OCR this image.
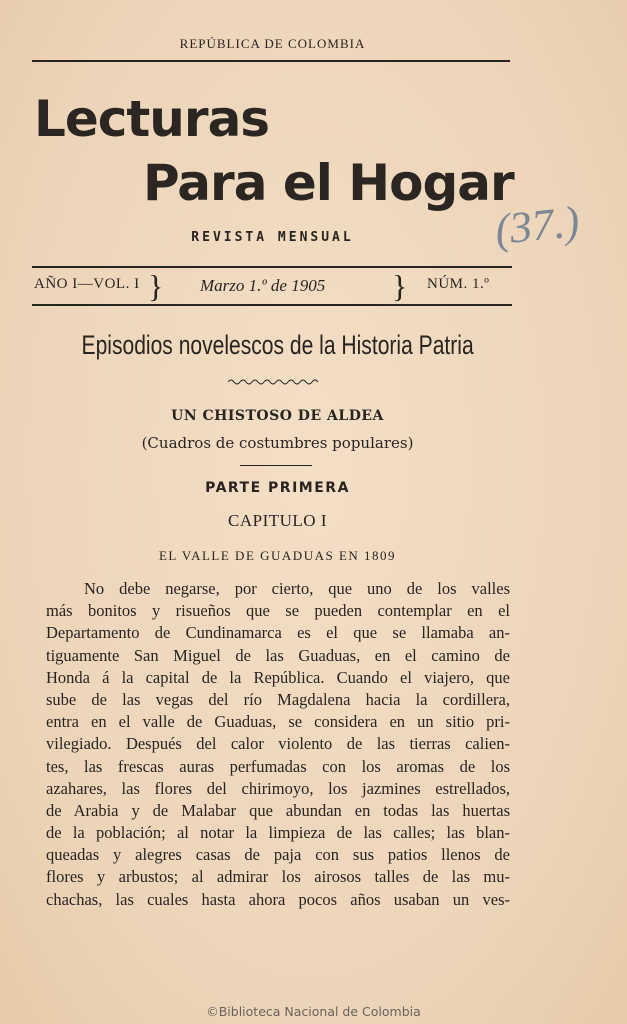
REPÚBLICA DE COLOMBIA
Lecturas
Para el Hogar
REVISTA MENSUAL	(37.)
AÑO I—VOL. I } Marzo 1.º de 1905 } NÚM. 1.º
Episodios novelescos de la Historia Patria
UN CHISTOSO DE ALDEA
(Cuadros de costumbres populares)
PARTE PRIMERA
CAPITULO I
EL VALLE DE GUADUAS EN 1809
No debe negarse, por cierto, que uno de los valles
más bonitos y risueños que se pueden contemplar en el
Departamento de Cundinamarca es el que se llamaba an-
tiguamente San Miguel de las Guaduas, en el camino de
Honda á la capital de la República. Cuando el viajero, que
sube de las vegas del río Magdalena hacia la cordillera,
entra en el valle de Guaduas, se considera en un sitio pri-
vilegiado. Después del calor violento de las tierras calien-
tes, las frescas auras perfumadas con los aromas de los
azahares, las flores del chirimoyo, los jazmines estrellados,
de Arabia y de Malabar que abundan en todas las huertas
de la población; al notar la limpieza de las calles; las blan-
queadas y alegres casas de paja con sus patios llenos de
flores y arbustos; al admirar los airosos talles de las mu-
chachas, las cuales hasta ahora pocos años usaban un ves-
©Biblioteca Nacional de Colombia
